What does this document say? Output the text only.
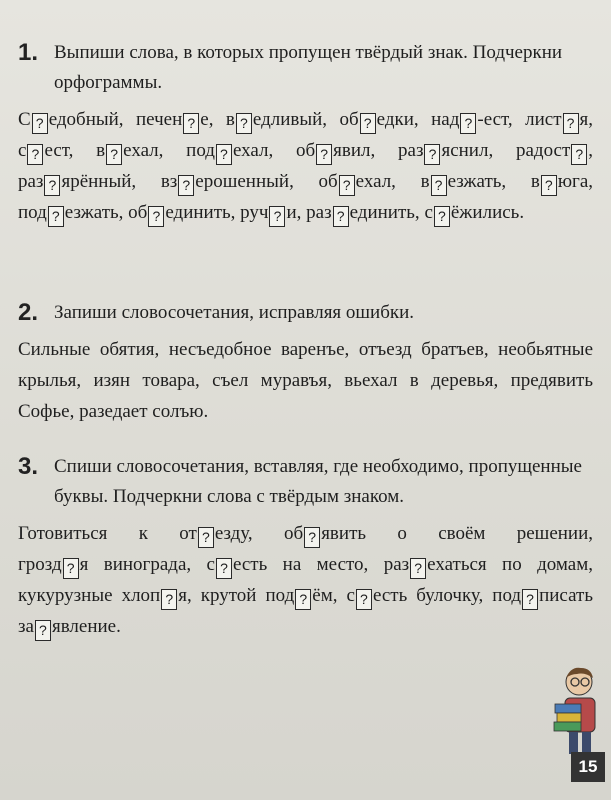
1. Выпиши слова, в которых пропущен твёрдый знак. Подчеркни орфограммы.
С ? едобный, печен ? е, в ? едливый, об ? едки, над ? -ест, лист ? я, с ? ест, в ? ехал, под ? ехал, об ? явил, раз ? яснил, радост ? , раз ? ярённый, вз ? ерошенный, об ? ехал, в ? езжать, в ? юга, под ? езжать, об ? единить, руч ? и, раз ? единить, с ? ёжились.
2. Запиши словосочетания, исправляя ошибки.
Сильные обятия, несъедобное варенъе, отъезд братъев, необьятные крылья, изян товара, съел муравъя, вьехал в деревья, предявить Софье, разедает солъю.
3. Спиши словосочетания, вставляя, где необходимо, пропущенные буквы. Подчеркни слова с твёрдым знаком.
Готовиться к от ? езду, об ? явить о своём решении, грозд ? я винограда, с ? есть на место, раз ? ехаться по домам, кукурузные хлоп ? я, крутой под ? ём, с ? есть булочку, под ? писать за ? явление.
15
